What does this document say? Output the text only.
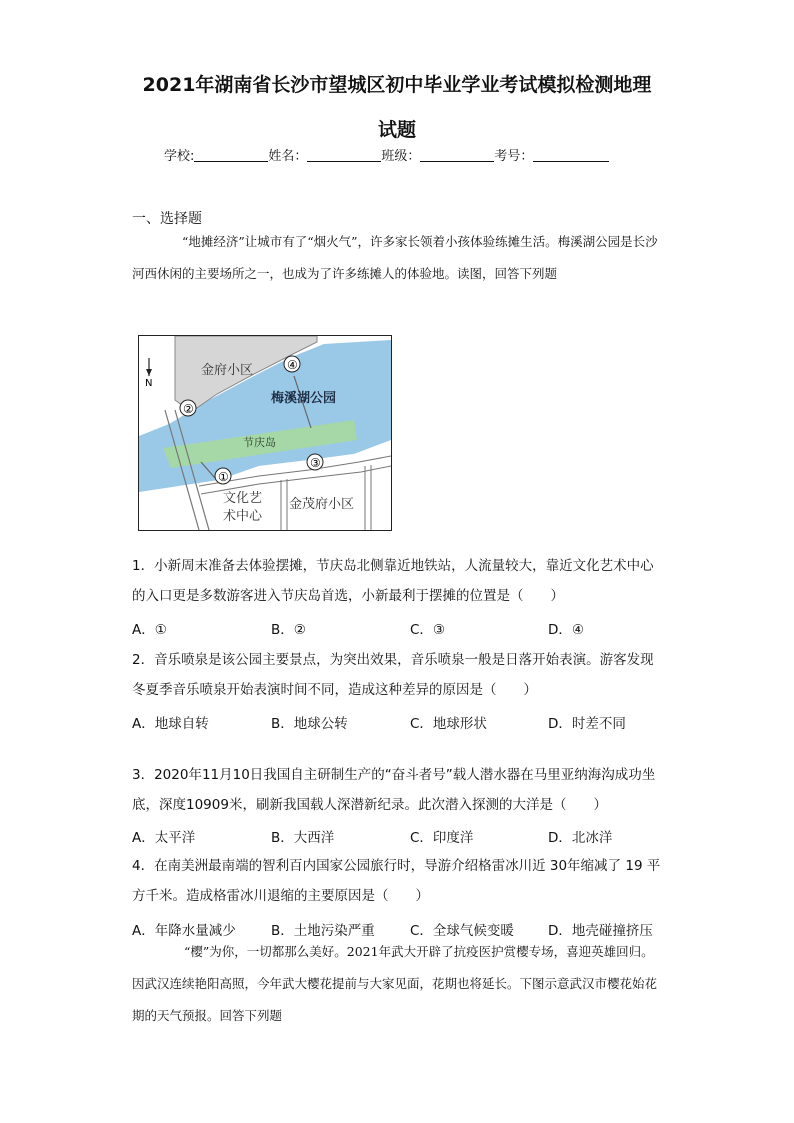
2021年湖南省长沙市望城区初中毕业学业考试模拟检测地理
试题
学校:	姓名：	班级：	考号：
一、选择题
“地摊经济”让城市有了“烟火气”，许多家长领着小孩体验练摊生活。梅溪湖公园是长沙河西休闲的主要场所之一，也成为了许多练摊人的体验地。读图，回答下列题
N
金府小区
梅溪湖公园
节庆岛
文化艺
术中心
金茂府小区
①
②
③
④
1．小新周末准备去体验摆摊，节庆岛北侧靠近地铁站，人流量较大，靠近文化艺术中心的入口更是多数游客进入节庆岛首选，小新最利于摆摊的位置是（　　）
A．①	B．②	C．③	D．④
2．音乐喷泉是该公园主要景点，为突出效果，音乐喷泉一般是日落开始表演。游客发现冬夏季音乐喷泉开始表演时间不同，造成这种差异的原因是（　　）
A．地球自转	B．地球公转	C．地球形状	D．时差不同
3．2020年11月10日我国自主研制生产的“奋斗者号”载人潜水器在马里亚纳海沟成功坐底，深度10909米，刷新我国载人深潜新纪录。此次潜入探测的大洋是（　　）
A．太平洋	B．大西洋	C．印度洋	D．北冰洋
4．在南美洲最南端的智利百内国家公园旅行时，导游介绍格雷冰川近 30年缩减了 19 平方千米。造成格雷冰川退缩的主要原因是（　　）
A．年降水量减少	B．土地污染严重	C．全球气候变暖	D．地壳碰撞挤压
“樱”为你，一切都那么美好。2021年武大开辟了抗疫医护赏樱专场，喜迎英雄回归。因武汉连续艳阳高照，今年武大樱花提前与大家见面，花期也将延长。下图示意武汉市樱花始花期的天气预报。回答下列题
